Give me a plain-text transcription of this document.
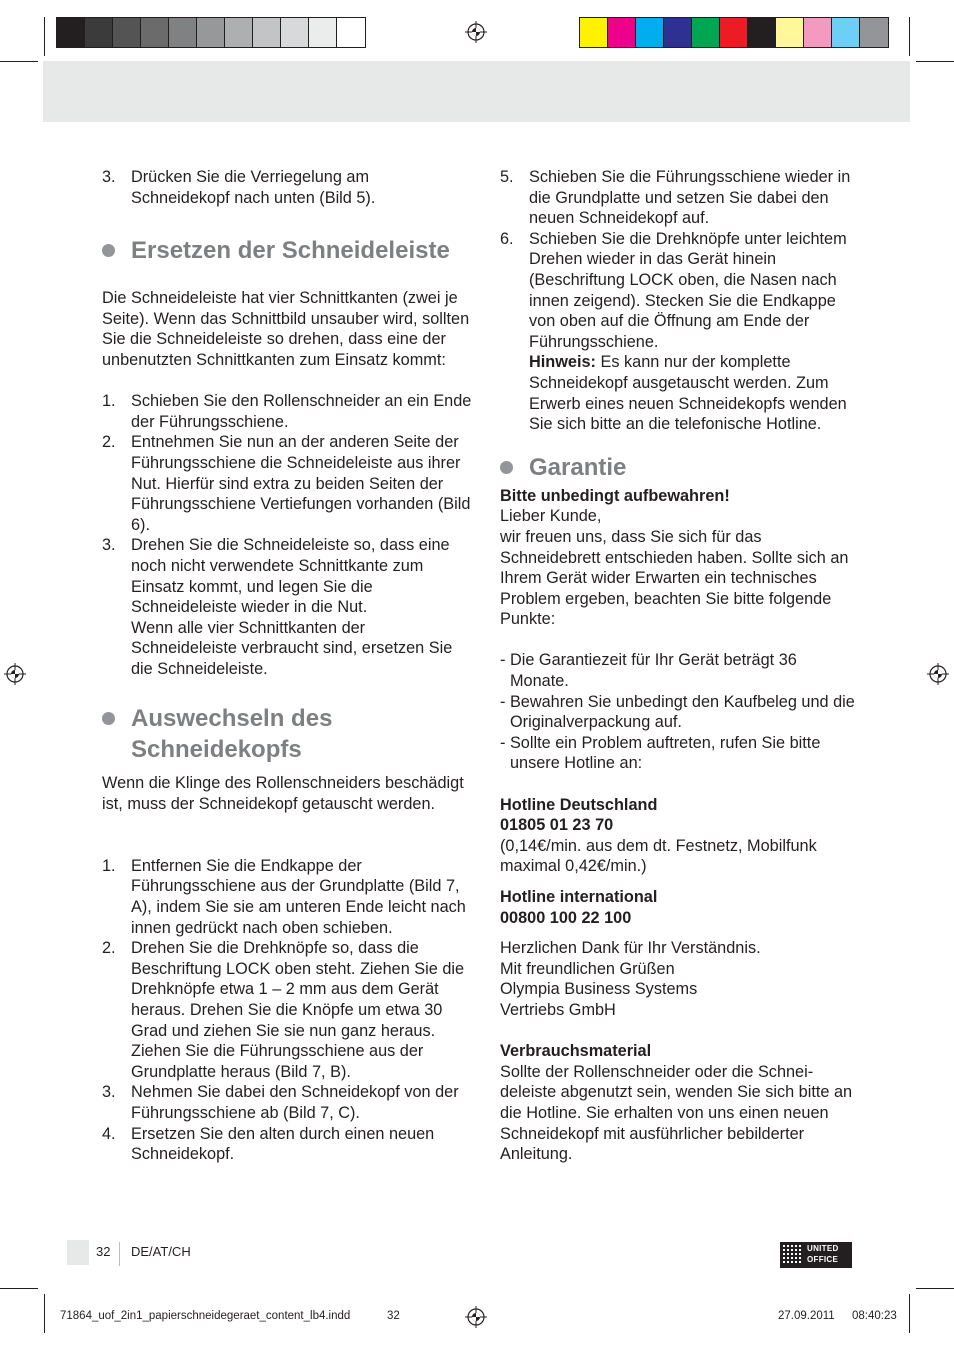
3. Drücken Sie die Verriegelung am Schneidekopf nach unten (Bild 5).
Ersetzen der Schneideleiste

Die Schneideleiste hat vier Schnittkanten (zwei je Seite). Wenn das Schnittbild unsauber wird, sollten Sie die Schneideleiste so drehen, dass eine der unbenutzten Schnittkanten zum Einsatz kommt:

1. Schieben Sie den Rollenschneider an ein Ende der Führungsschiene.
2. Entnehmen Sie nun an der anderen Seite der Führungsschiene die Schneideleiste aus ihrer Nut. Hierfür sind extra zu beiden Seiten der Führungsschiene Vertiefungen vorhanden (Bild 6).
3. Drehen Sie die Schneideleiste so, dass eine noch nicht verwendete Schnittkante zum Einsatz kommt, und legen Sie die Schneideleiste wieder in die Nut.
Wenn alle vier Schnittkanten der Schneideleiste verbraucht sind, ersetzen Sie die Schneideleiste.
Auswechseln des
Schneidekopfs

Wenn die Klinge des Rollenschneiders beschädigt ist, muss der Schneidekopf getauscht werden.

1. Entfernen Sie die Endkappe der Führungsschiene aus der Grundplatte (Bild 7, A), indem Sie sie am unteren Ende leicht nach innen gedrückt nach oben schieben.
2. Drehen Sie die Drehknöpfe so, dass die Beschriftung LOCK oben steht. Ziehen Sie die Drehknöpfe etwa 1 – 2 mm aus dem Gerät heraus. Drehen Sie die Knöpfe um etwa 30 Grad und ziehen Sie sie nun ganz heraus. Ziehen Sie die Führungsschiene aus der Grundplatte heraus (Bild 7, B).
3. Nehmen Sie dabei den Schneidekopf von der Führungsschiene ab (Bild 7, C).
4. Ersetzen Sie den alten durch einen neuen Schneidekopf.
5. Schieben Sie die Führungsschiene wieder in die Grundplatte und setzen Sie dabei den neuen Schneidekopf auf.
6. Schieben Sie die Drehknöpfe unter leichtem Drehen wieder in das Gerät hinein (Beschriftung LOCK oben, die Nasen nach innen zeigend). Stecken Sie die Endkappe von oben auf die Öffnung am Ende der Führungsschiene.
Hinweis: Es kann nur der komplette Schneidekopf ausgetauscht werden. Zum Erwerb eines neuen Schneidekopfs wenden Sie sich bitte an die telefonische Hotline.
Garantie

Bitte unbedingt aufbewahren!

Lieber Kunde,

wir freuen uns, dass Sie sich für das Schneidebrett entschieden haben. Sollte sich an Ihrem Gerät wider Erwarten ein technisches Problem ergeben, beachten Sie bitte folgende Punkte:

- Die Garantiezeit für Ihr Gerät beträgt 36 Monate.
- Bewahren Sie unbedingt den Kaufbeleg und die Originalverpackung auf.
- Sollte ein Problem auftreten, rufen Sie bitte unsere Hotline an:

Hotline Deutschland

01805 01 23 70

(0,14€/min. aus dem dt. Festnetz, Mobilfunk maximal 0,42€/min.)

Hotline international

00800 100 22 100

Herzlichen Dank für Ihr Verständnis.

Mit freundlichen Grüßen

Olympia Business Systems

Vertriebs GmbH

Verbrauchsmaterial

Sollte der Rollenschneider oder die Schnei-deleiste abgenutzt sein, wenden Sie sich bitte an die Hotline. Sie erhalten von uns einen neuen Schneidekopf mit ausführlicher bebilderter Anleitung.

32 DE/AT/CH	UNITED
OFFICE
71864_uof_2in1_papierschneidegeraet_content_lb4.indd	32	27.09.2011 08:40:23
